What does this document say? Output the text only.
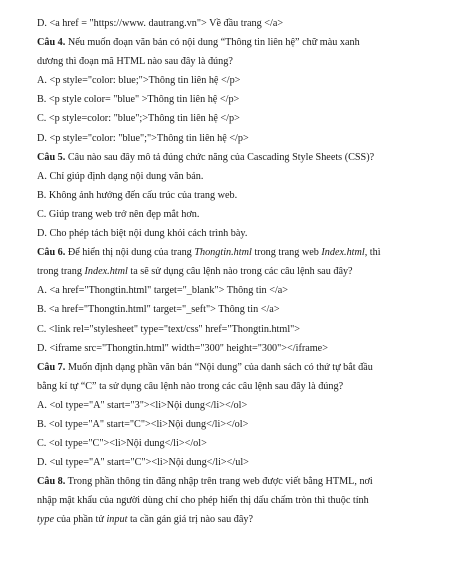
D. <a href = "https://www. dautrang.vn"> Về đầu trang </a>
Câu 4. Nếu muốn đoạn văn bản có nội dung “Thông tin liên hệ” chữ màu xanh
dương thì đoạn mã HTML nào sau đây là đúng?
A. <p style="color: blue;">Thông tin liên hệ </p>
B. <p style color= "blue" >Thông tin liên hệ </p>
C. <p style=color: "blue";>Thông tin liên hệ </p>
D. <p style="color: "blue";">Thông tin liên hệ </p>
Câu 5. Câu nào sau đây mô tả đúng chức năng của Cascading Style Sheets (CSS)?
A. Chỉ giúp định dạng nội dung văn bản.
B. Không ảnh hưởng đến cấu trúc của trang web.
C. Giúp trang web trở nên đẹp mắt hơn.
D. Cho phép tách biệt nội dung khỏi cách trình bày.
Câu 6. Để hiển thị nội dung của trang Thongtin.html trong trang web Index.html, thì
trong trang Index.html ta sẽ sử dụng câu lệnh nào trong các câu lệnh sau đây?
A. <a href="Thongtin.html" target="_blank"> Thông tin </a>
B. <a href="Thongtin.html" target="_seft"> Thông tin </a>
C. <link rel="stylesheet" type="text/css" href="Thongtin.html">
D. <iframe src="Thongtin.html" width="300" height="300"></iframe>
Câu 7. Muốn định dạng phần văn bản “Nội dung” của danh sách có thứ tự bắt đầu
bằng kí tự “C” ta sử dụng câu lệnh nào trong các câu lệnh sau đây là đúng?
A. <ol type="A" start="3"><li>Nội dung</li></ol>
B. <ol type="A" start="C"><li>Nội dung</li></ol>
C. <ol type="C"><li>Nội dung</li></ol>
D. <ul type="A" start="C"><li>Nội dung</li></ul>
Câu 8. Trong phần thông tin đăng nhập trên trang web được viết bằng HTML, nơi
nhập mật khẩu của người dùng chỉ cho phép hiển thị dấu chấm tròn thì thuộc tính
type của phần tử input ta cần gán giá trị nào sau đây?
